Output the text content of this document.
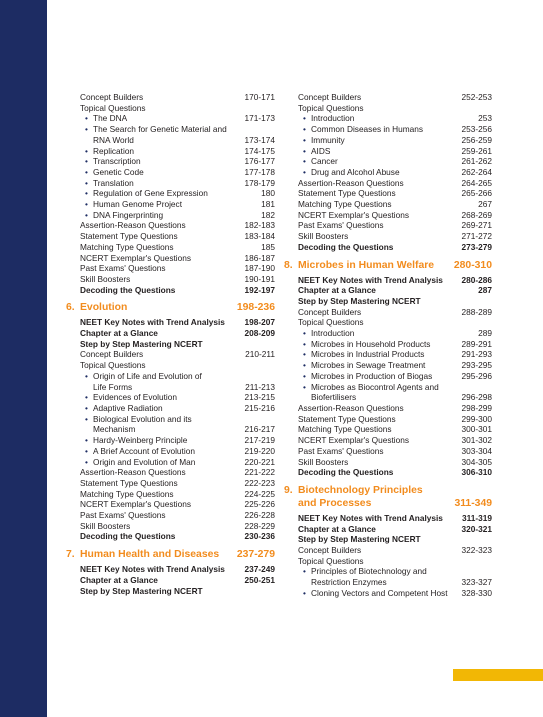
Concept Builders	170-171
Topical Questions
• The DNA	171-173
• The Search for Genetic Material and
RNA World	173-174
• Replication	174-175
• Transcription	176-177
• Genetic Code	177-178
• Translation	178-179
• Regulation of Gene Expression	180
• Human Genome Project	181
• DNA Fingerprinting	182
Assertion-Reason Questions	182-183
Statement Type Questions	183-184
Matching Type Questions	185
NCERT Exemplar's Questions	186-187
Past Exams' Questions	187-190
Skill Boosters	190-191
Decoding the Questions	192-197
6. Evolution	198-236
NEET Key Notes with Trend Analysis	198-207
Chapter at a Glance	208-209
Step by Step Mastering NCERT
Concept Builders	210-211
Topical Questions
• Origin of Life and Evolution of
Life Forms	211-213
• Evidences of Evolution	213-215
• Adaptive Radiation	215-216
• Biological Evolution and its
Mechanism	216-217
• Hardy-Weinberg Principle	217-219
• A Brief Account of Evolution	219-220
• Origin and Evolution of Man	220-221
Assertion-Reason Questions	221-222
Statement Type Questions	222-223
Matching Type Questions	224-225
NCERT Exemplar's Questions	225-226
Past Exams' Questions	226-228
Skill Boosters	228-229
Decoding the Questions	230-236
7. Human Health and Diseases	237-279
NEET Key Notes with Trend Analysis	237-249
Chapter at a Glance	250-251
Step by Step Mastering NCERT
Concept Builders	252-253
Topical Questions
• Introduction	253
• Common Diseases in Humans	253-256
• Immunity	256-259
• AIDS	259-261
• Cancer	261-262
• Drug and Alcohol Abuse	262-264
Assertion-Reason Questions	264-265
Statement Type Questions	265-266
Matching Type Questions	267
NCERT Exemplar's Questions	268-269
Past Exams' Questions	269-271
Skill Boosters	271-272
Decoding the Questions	273-279
8. Microbes in Human Welfare	280-310
NEET Key Notes with Trend Analysis	280-286
Chapter at a Glance	287
Step by Step Mastering NCERT
Concept Builders	288-289
Topical Questions
• Introduction	289
• Microbes in Household Products	289-291
• Microbes in Industrial Products	291-293
• Microbes in Sewage Treatment	293-295
• Microbes in Production of Biogas	295-296
• Microbes as Biocontrol Agents and
Biofertilisers	296-298
Assertion-Reason Questions	298-299
Statement Type Questions	299-300
Matching Type Questions	300-301
NCERT Exemplar's Questions	301-302
Past Exams' Questions	303-304
Skill Boosters	304-305
Decoding the Questions	306-310
9. Biotechnology Principles
and Processes	311-349
NEET Key Notes with Trend Analysis	311-319
Chapter at a Glance	320-321
Step by Step Mastering NCERT
Concept Builders	322-323
Topical Questions
• Principles of Biotechnology and
Restriction Enzymes	323-327
• Cloning Vectors and Competent Host	328-330
